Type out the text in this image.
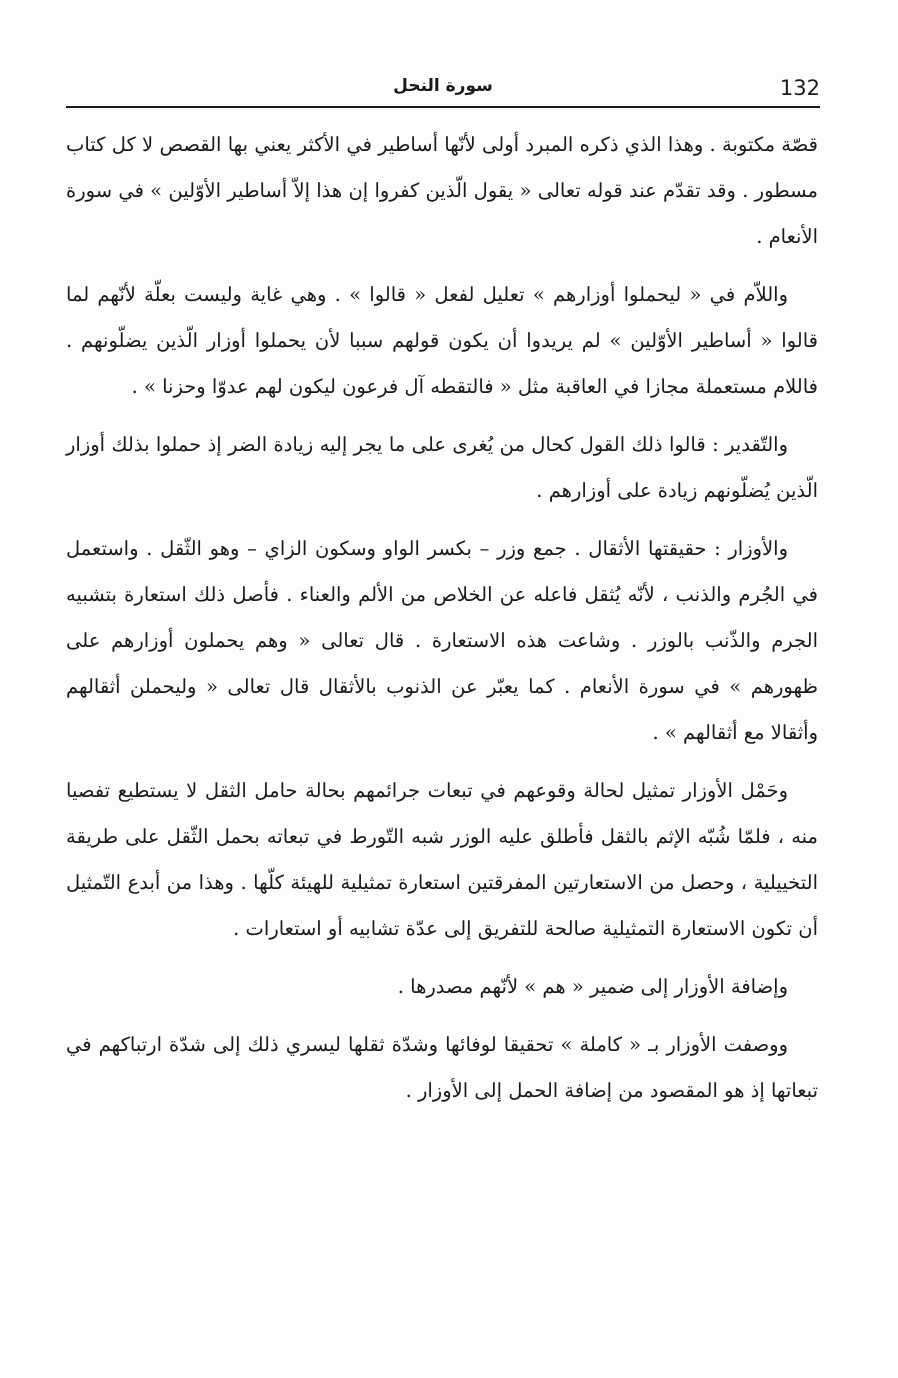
سورة النحل	132

قصّة مكتوبة . وهذا الذي ذكره المبرد أولى لأنّها أساطير في الأكثر يعني بها القصص لا كل كتاب مسطور . وقد تقدّم عند قوله تعالى « يقول الّذين كفروا إن هذا إلاّ أساطير الأوّلين » في سورة الأنعام .

واللاّم في « ليحملوا أوزارهم » تعليل لفعل « قالوا » . وهي غاية وليست بعلّة لأنّهم لما قالوا « أساطير الأوّلين » لم يريدوا أن يكون قولهم سببا لأن يحملوا أوزار الّذين يضلّونهم . فاللام مستعملة مجازا في العاقبة مثل « فالتقطه آل فرعون ليكون لهم عدوّا وحزنا » .

والتّقدير : قالوا ذلك القول كحال من يُغرى على ما يجر إليه زيادة الضر إذ حملوا بذلك أوزار الّذين يُضلّونهم زيادة على أوزارهم .

والأوزار : حقيقتها الأثقال . جمع وزر – بكسر الواو وسكون الزاي – وهو الثّقل . واستعمل في الجُرم والذنب ، لأنّه يُثقل فاعله عن الخلاص من الألم والعناء . فأصل ذلك استعارة بتشبيه الجرم والذّنب بالوزر . وشاعت هذه الاستعارة . قال تعالى « وهم يحملون أوزارهم على ظهورهم » في سورة الأنعام . كما يعبّر عن الذنوب بالأثقال قال تعالى « وليحملن أثقالهم وأثقالا مع أثقالهم » .

وحَمْل الأوزار تمثيل لحالة وقوعهم في تبعات جرائمهم بحالة حامل الثقل لا يستطيع تفصيا منه ، فلمّا شُبّه الإثم بالثقل فأطلق عليه الوزر شبه التّورط في تبعاته بحمل الثّقل على طريقة التخييلية ، وحصل من الاستعارتين المفرقتين استعارة تمثيلية للهيئة كلّها . وهذا من أبدع التّمثيل أن تكون الاستعارة التمثيلية صالحة للتفريق إلى عدّة تشابيه أو استعارات .

وإضافة الأوزار إلى ضمير « هم » لأنّهم مصدرها .

ووصفت الأوزار بـ « كاملة » تحقيقا لوفائها وشدّة ثقلها ليسري ذلك إلى شدّة ارتباكهم في تبعاتها إذ هو المقصود من إضافة الحمل إلى الأوزار .
